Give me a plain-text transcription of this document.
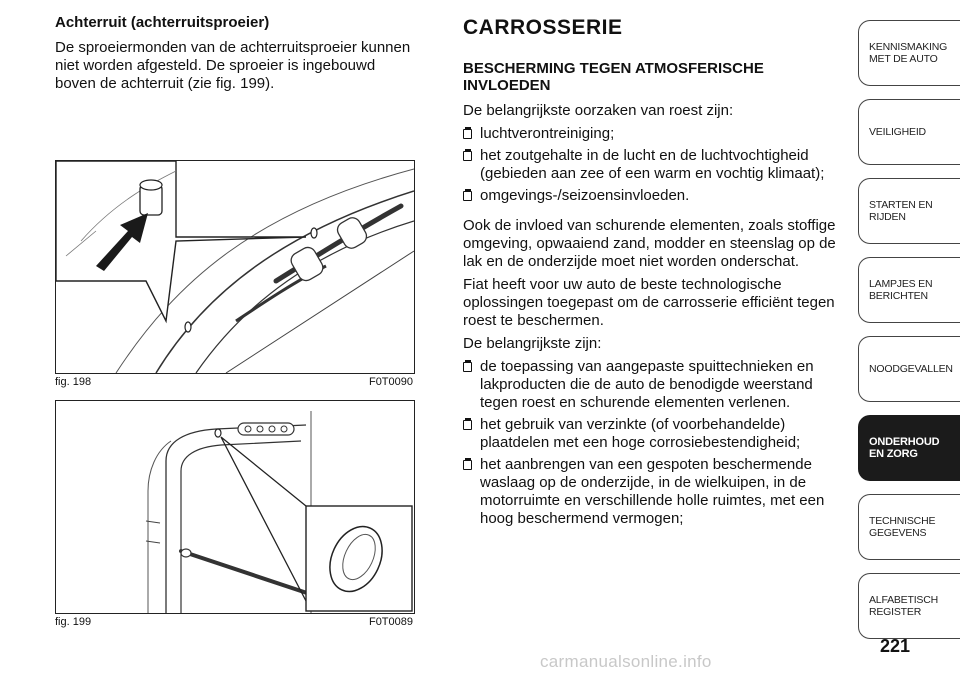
Achterruit (achterruitsproeier)

De sproeiermonden van de achterruitsproeier kunnen niet worden afgesteld. De sproeier is ingebouwd boven de achterruit (zie fig. 199).

fig. 198	F0T0090
fig. 199	F0T0089
CARROSSERIE
BESCHERMING TEGEN ATMOSFERISCHE INVLOEDEN

De belangrijkste oorzaken van roest zijn:

luchtverontreiniging;
het zoutgehalte in de lucht en de luchtvochtigheid (gebieden aan zee of een warm en vochtig klimaat);
omgevings-/seizoensinvloeden.

Ook de invloed van schurende elementen, zoals stoffige omgeving, opwaaiend zand, modder en steenslag op de lak en de onderzijde moet niet worden onderschat.

Fiat heeft voor uw auto de beste technologische oplossingen toegepast om de carrosserie efficiënt tegen roest te beschermen.

De belangrijkste zijn:

de toepassing van aangepaste spuittechnieken en lakproducten die de auto de benodigde weerstand tegen roest en schurende elementen verlenen.
het gebruik van verzinkte (of voorbehandelde) plaatdelen met een hoge corrosiebestendigheid;
het aanbrengen van een gespoten beschermende waslaag op de onderzijde, in de wielkuipen, in de motorruimte en verschillende holle ruimtes, met een hoog beschermend vermogen;
KENNISMAKING MET DE AUTO
VEILIGHEID
STARTEN EN RIJDEN
LAMPJES EN BERICHTEN
NOODGEVALLEN
ONDERHOUD EN ZORG
TECHNISCHE GEGEVENS
ALFABETISCH REGISTER
221
carmanualsonline.info
